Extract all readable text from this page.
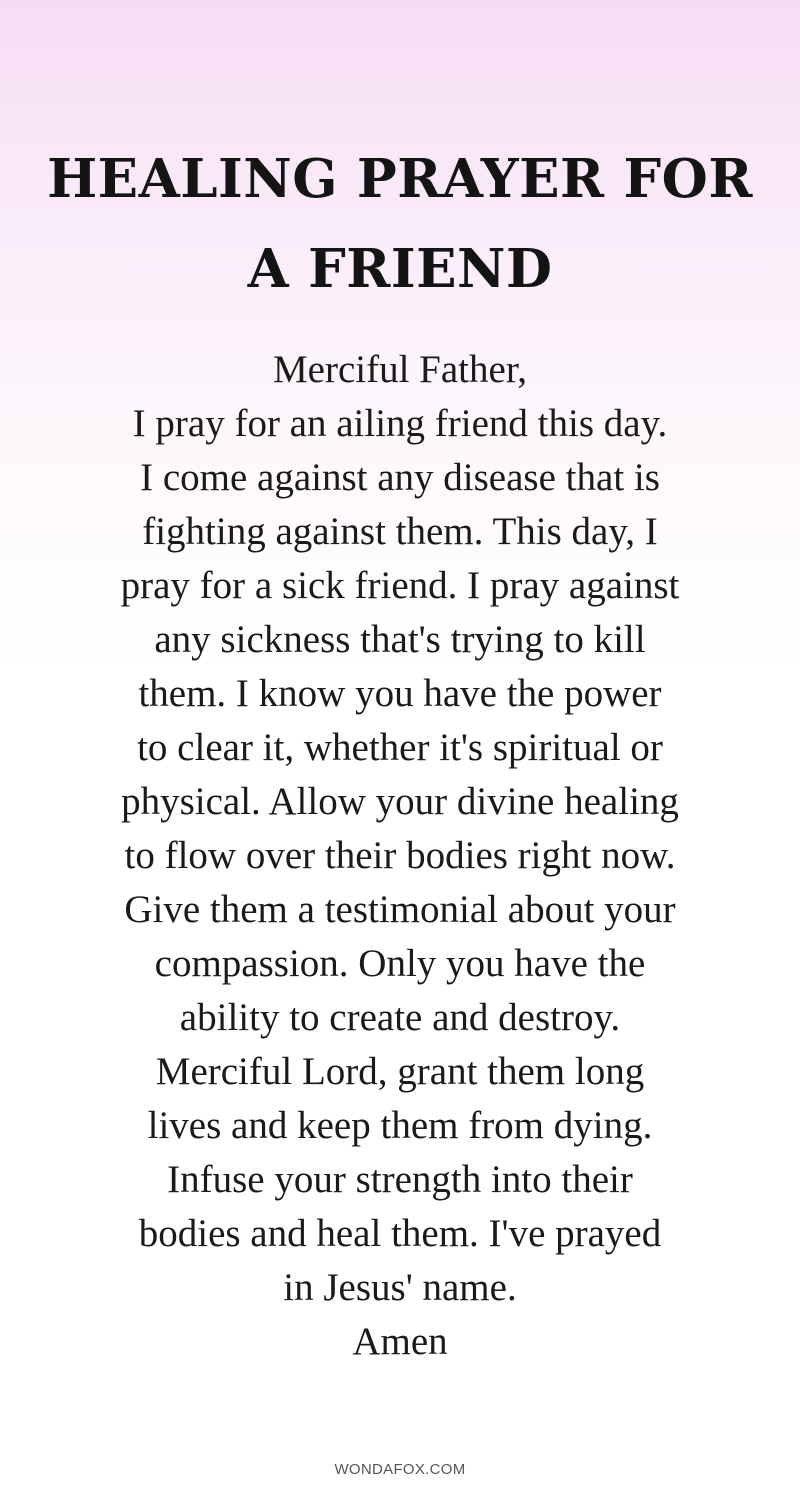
HEALING PRAYER FOR
A FRIEND
Merciful Father,
I pray for an ailing friend this day.
I come against any disease that is
fighting against them. This day, I
pray for a sick friend. I pray against
any sickness that's trying to kill
them. I know you have the power
to clear it, whether it's spiritual or
physical. Allow your divine healing
to flow over their bodies right now.
Give them a testimonial about your
compassion. Only you have the
ability to create and destroy.
Merciful Lord, grant them long
lives and keep them from dying.
Infuse your strength into their
bodies and heal them. I've prayed
in Jesus' name.
Amen
WONDAFOX.COM
